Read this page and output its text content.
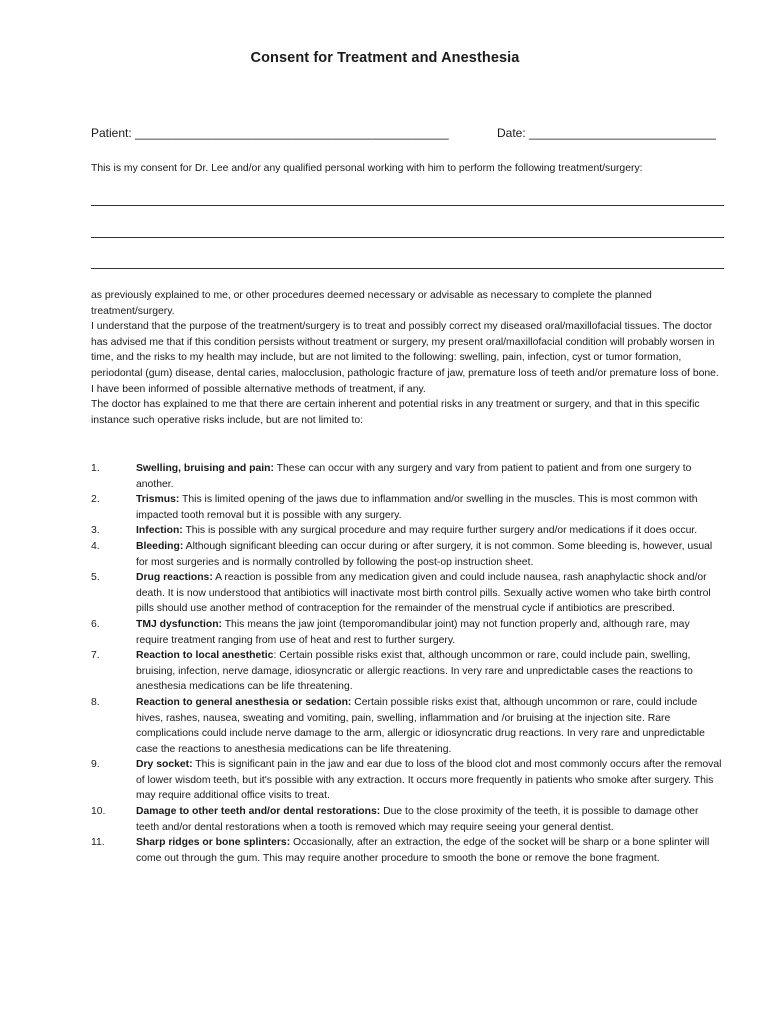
Consent for Treatment and Anesthesia
Patient: _______________________________________________	Date: ____________________________
This is my consent for Dr. Lee and/or any qualified personal working with him to perform the following treatment/surgery:

as previously explained to me, or other procedures deemed necessary or advisable as necessary to complete the planned treatment/surgery.

I understand that the purpose of the treatment/surgery is to treat and possibly correct my diseased oral/maxillofacial tissues. The doctor has advised me that if this condition persists without treatment or surgery, my present oral/maxillofacial condition will probably worsen in time, and the risks to my health may include, but are not limited to the following: swelling, pain, infection, cyst or tumor formation, periodontal (gum) disease, dental caries, malocclusion, pathologic fracture of jaw, premature loss of teeth and/or premature loss of bone. I have been informed of possible alternative methods of treatment, if any.

The doctor has explained to me that there are certain inherent and potential risks in any treatment or surgery, and that in this specific instance such operative risks include, but are not limited to:

1.	Swelling, bruising and pain: These can occur with any surgery and vary from patient to patient and from one surgery to another.
2.	Trismus: This is limited opening of the jaws due to inflammation and/or swelling in the muscles. This is most common with impacted tooth removal but it is possible with any surgery.
3.	Infection: This is possible with any surgical procedure and may require further surgery and/or medications if it does occur.
4.	Bleeding: Although significant bleeding can occur during or after surgery, it is not common. Some bleeding is, however, usual for most surgeries and is normally controlled by following the post-op instruction sheet.
5.	Drug reactions: A reaction is possible from any medication given and could include nausea, rash anaphylactic shock and/or death. It is now understood that antibiotics will inactivate most birth control pills. Sexually active women who take birth control pills should use another method of contraception for the remainder of the menstrual cycle if antibiotics are prescribed.
6.	TMJ dysfunction: This means the jaw joint (temporomandibular joint) may not function properly and, although rare, may require treatment ranging from use of heat and rest to further surgery.
7.	Reaction to local anesthetic: Certain possible risks exist that, although uncommon or rare, could include pain, swelling, bruising, infection, nerve damage, idiosyncratic or allergic reactions. In very rare and unpredictable cases the reactions to anesthesia medications can be life threatening.
8.	Reaction to general anesthesia or sedation: Certain possible risks exist that, although uncommon or rare, could include hives, rashes, nausea, sweating and vomiting, pain, swelling, inflammation and /or bruising at the injection site. Rare complications could include nerve damage to the arm, allergic or idiosyncratic drug reactions. In very rare and unpredictable case the reactions to anesthesia medications can be life threatening.
9.	Dry socket: This is significant pain in the jaw and ear due to loss of the blood clot and most commonly occurs after the removal of lower wisdom teeth, but it's possible with any extraction. It occurs more frequently in patients who smoke after surgery. This may require additional office visits to treat.
10.	Damage to other teeth and/or dental restorations: Due to the close proximity of the teeth, it is possible to damage other teeth and/or dental restorations when a tooth is removed which may require seeing your general dentist.
11.	Sharp ridges or bone splinters: Occasionally, after an extraction, the edge of the socket will be sharp or a bone splinter will come out through the gum. This may require another procedure to smooth the bone or remove the bone fragment.
